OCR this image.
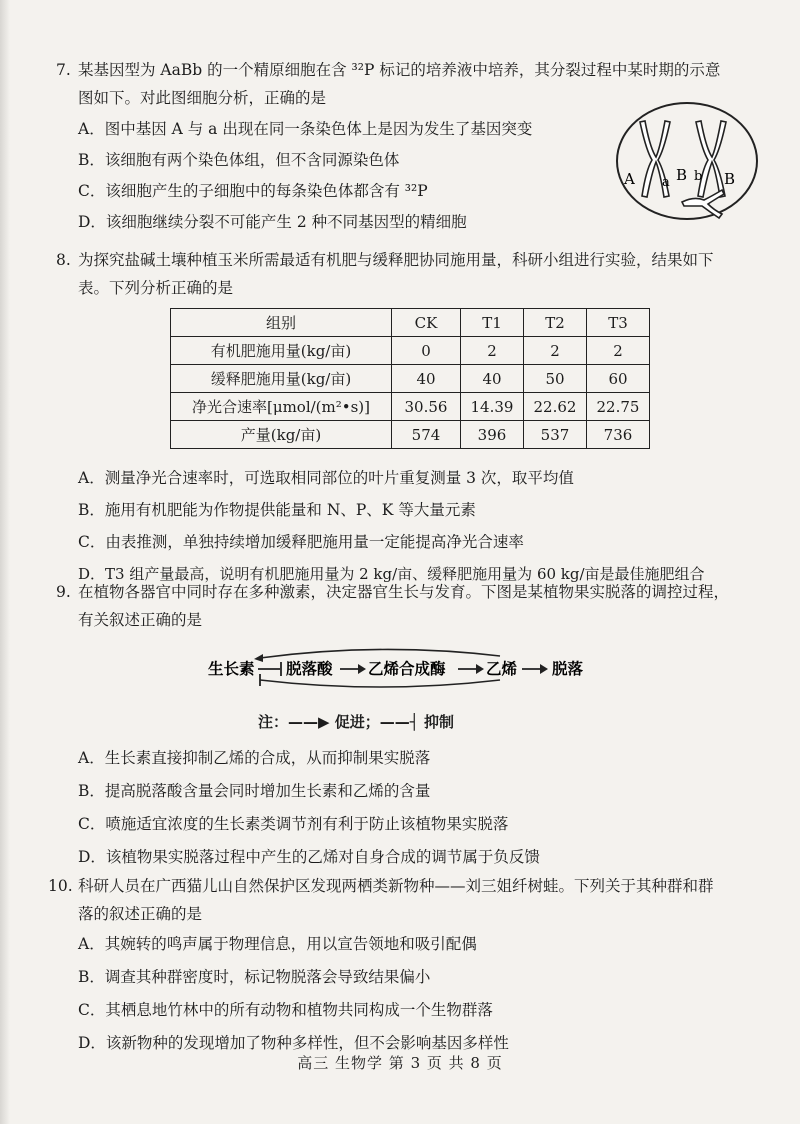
7. 某基因型为 AaBb 的一个精原细胞在含 ³²P 标记的培养液中培养，其分裂过程中某时期的示意
图如下。对此图细胞分析，正确的是
A．图中基因 A 与 a 出现在同一条染色体上是因为发生了基因突变
B．该细胞有两个染色体组，但不含同源染色体
C．该细胞产生的子细胞中的每条染色体都含有 ³²P
D．该细胞继续分裂不可能产生 2 种不同基因型的精细胞
A a B b B
8. 为探究盐碱土壤种植玉米所需最适有机肥与缓释肥协同施用量，科研小组进行实验，结果如下
表。下列分析正确的是
组别	CK	T1	T2	T3
有机肥施用量(kg/亩)	0	2	2	2
缓释肥施用量(kg/亩)	40	40	50	60
净光合速率[μmol/(m²•s)]	30.56	14.39	22.62	22.75
产量(kg/亩)	574	396	537	736
A．测量净光合速率时，可选取相同部位的叶片重复测量 3 次，取平均值
B．施用有机肥能为作物提供能量和 N、P、K 等大量元素
C．由表推测，单独持续增加缓释肥施用量一定能提高净光合速率
D．T3 组产量最高，说明有机肥施用量为 2 kg/亩、缓释肥施用量为 60 kg/亩是最佳施肥组合
9. 在植物各器官中同时存在多种激素，决定器官生长与发育。下图是某植物果实脱落的调控过程，
有关叙述正确的是
生长素 脱落酸 乙烯合成酶	乙烯 脱落
注：——▶ 促进；——┤ 抑制
A．生长素直接抑制乙烯的合成，从而抑制果实脱落
B．提高脱落酸含量会同时增加生长素和乙烯的含量
C．喷施适宜浓度的生长素类调节剂有利于防止该植物果实脱落
D．该植物果实脱落过程中产生的乙烯对自身合成的调节属于负反馈
10. 科研人员在广西猫儿山自然保护区发现两栖类新物种——刘三姐纤树蛙。下列关于其种群和群
落的叙述正确的是
A．其婉转的鸣声属于物理信息，用以宣告领地和吸引配偶
B．调查其种群密度时，标记物脱落会导致结果偏小
C．其栖息地竹林中的所有动物和植物共同构成一个生物群落
D．该新物种的发现增加了物种多样性，但不会影响基因多样性
高三 生物学 第 3 页 共 8 页
